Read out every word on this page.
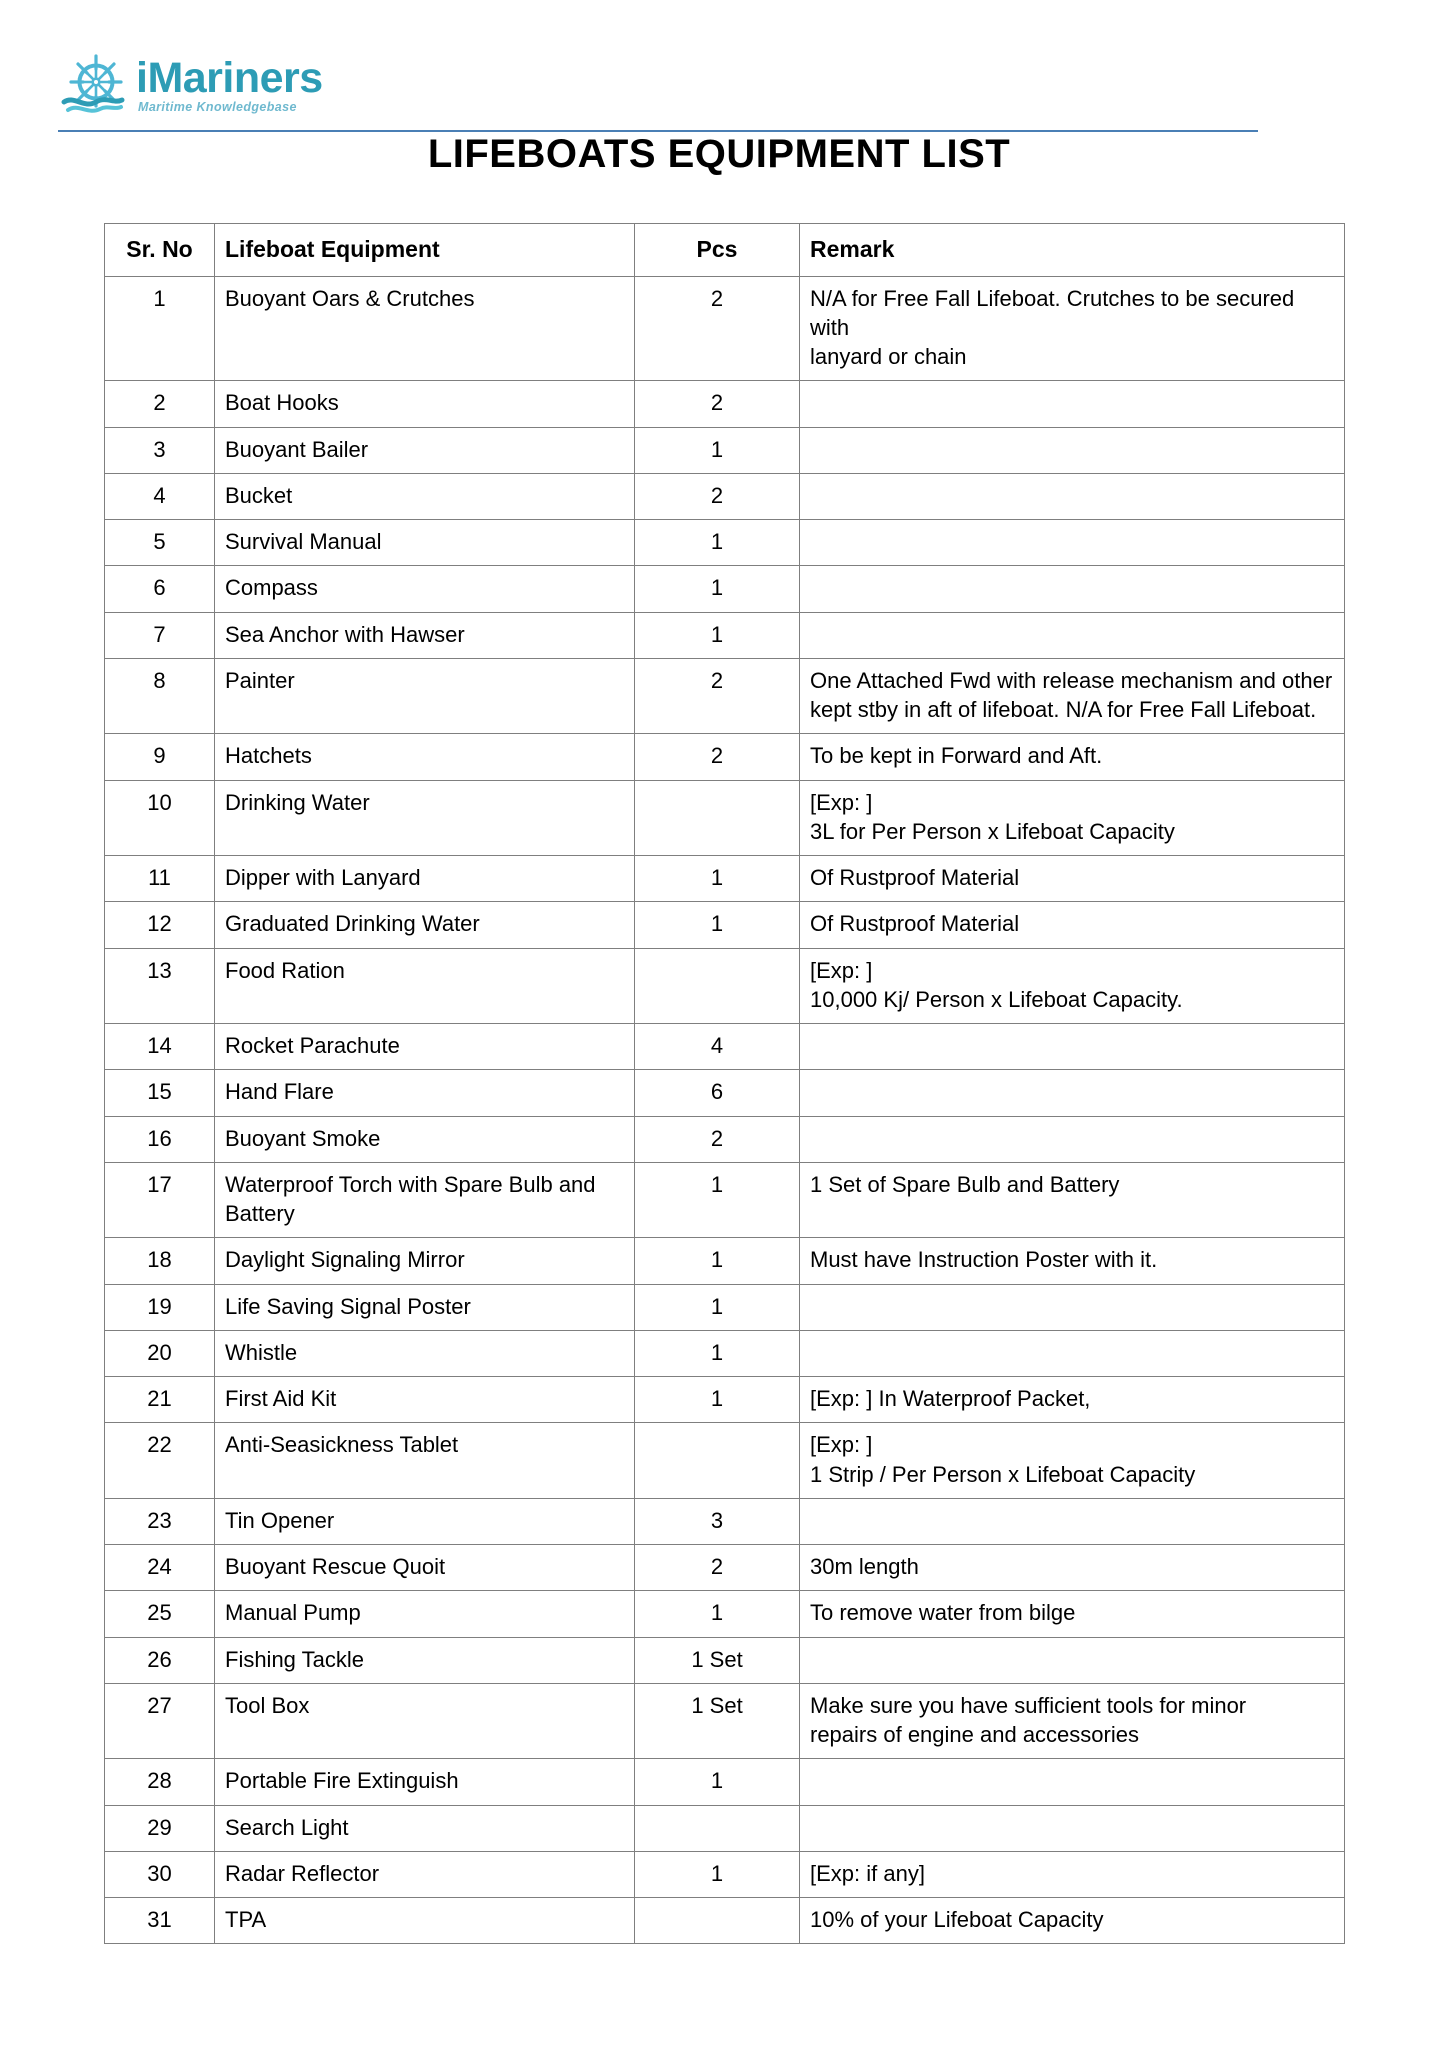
iMariners
Maritime Knowledgebase
LIFEBOATS EQUIPMENT LIST
Sr. No	Lifeboat Equipment	Pcs	Remark
1	Buoyant Oars & Crutches	2	N/A for Free Fall Lifeboat. Crutches to be secured with
lanyard or chain

2	Boat Hooks	2	
3	Buoyant Bailer	1	
4	Bucket	2	
5	Survival Manual	1	
6	Compass	1	
7	Sea Anchor with Hawser	1	
8	Painter	2	One Attached Fwd with release mechanism and other
kept stby in aft of lifeboat. N/A for Free Fall Lifeboat.

9	Hatchets	2	To be kept in Forward and Aft.

10	Drinking Water		[Exp: ]
3L for Per Person x Lifeboat Capacity

11	Dipper with Lanyard	1	Of Rustproof Material

12	Graduated Drinking Water	1	Of Rustproof Material

13	Food Ration		[Exp: ]
10,000 Kj/ Person x Lifeboat Capacity.

14	Rocket Parachute	4	
15	Hand Flare	6	
16	Buoyant Smoke	2	
17	Waterproof Torch with Spare Bulb and Battery	1	1 Set of Spare Bulb and Battery

18	Daylight Signaling Mirror	1	Must have Instruction Poster with it.

19	Life Saving Signal Poster	1	
20	Whistle	1	
21	First Aid Kit	1	[Exp: ] In Waterproof Packet,

22	Anti-Seasickness Tablet		[Exp: ]
1 Strip / Per Person x Lifeboat Capacity

23	Tin Opener	3	
24	Buoyant Rescue Quoit	2	30m length

25	Manual Pump	1	To remove water from bilge

26	Fishing Tackle	1 Set	
27	Tool Box	1 Set	Make sure you have sufficient tools for minor
repairs of engine and accessories

28	Portable Fire Extinguish	1	
29	Search Light		
30	Radar Reflector	1	[Exp: if any]

31	TPA		10% of your Lifeboat Capacity
